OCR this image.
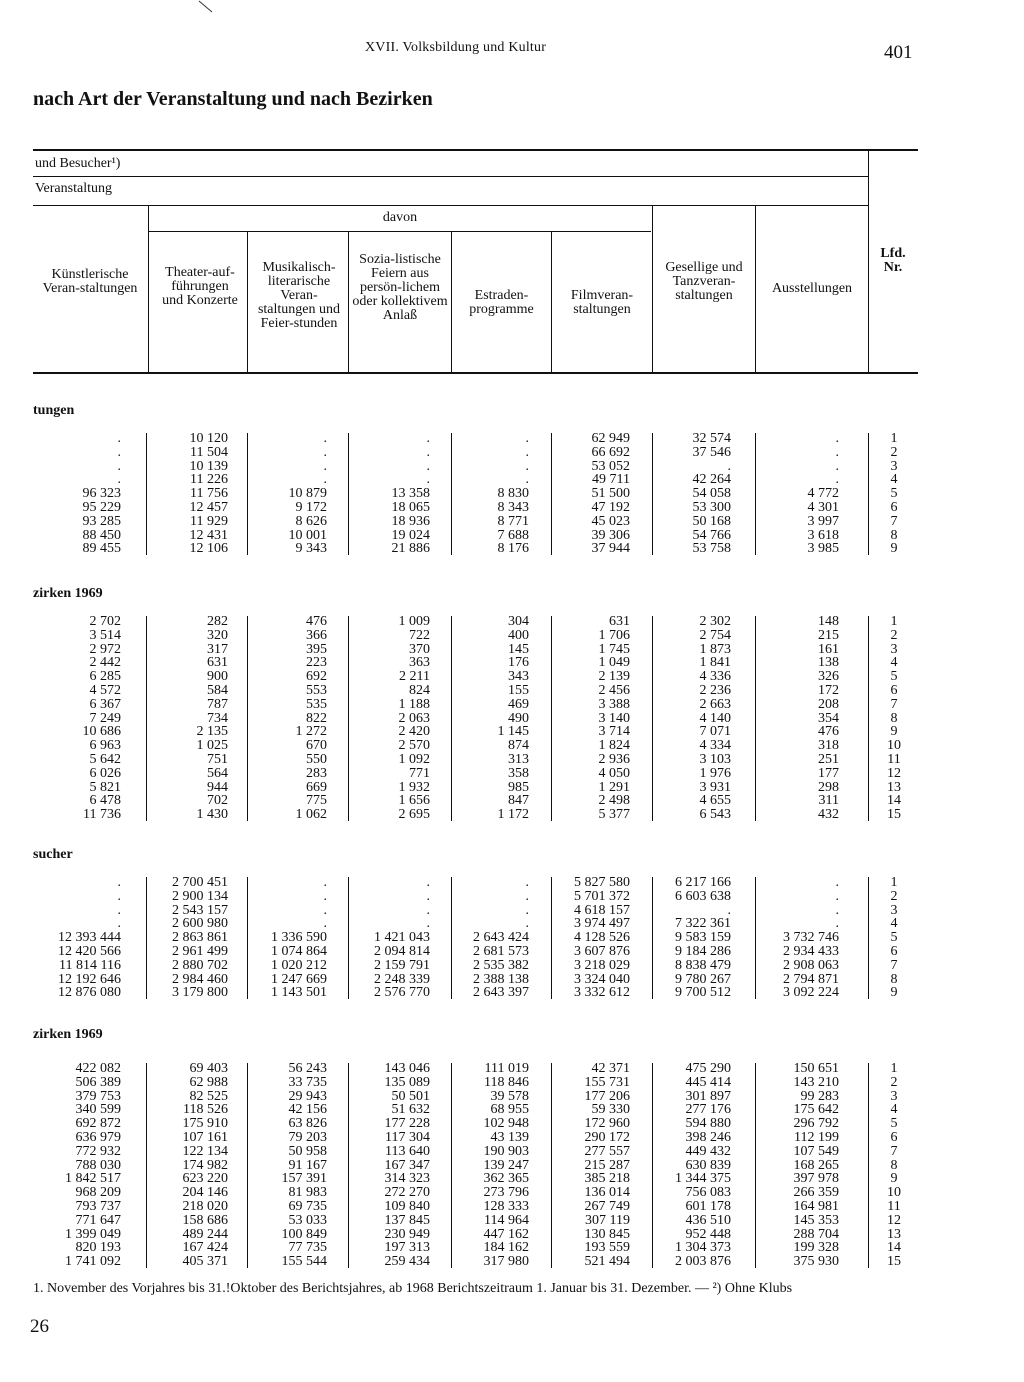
XVII. Volksbildung und Kultur	401
nach Art der Veranstaltung und nach Bezirken
und Besucher¹)
Veranstaltung
davon
Künstlerische Veran-staltungen
Theater-auf-führungen und Konzerte
Musikalisch-literarische Veran-staltungen und Feier-stunden
Sozia-listische Feiern aus persön-lichem oder kollektivem Anlaß
Estraden-programme
Filmveran-staltungen
Gesellige und Tanzveran-staltungen	Ausstellungen
Lfd. Nr.
tungen
.
.
.
.
96 323
95 229
93 285
88 450
89 455
10 120
11 504
10 139
11 226
11 756
12 457
11 929
12 431
12 106
.
.
.
.
10 879
9 172
8 626
10 001
9 343
.
.
.
.
13 358
18 065
18 936
19 024
21 886
.
.
.
.
8 830
8 343
8 771
7 688
8 176
62 949
66 692
53 052
49 711
51 500
47 192
45 023
39 306
37 944
32 574
37 546
.
42 264
54 058
53 300
50 168
54 766
53 758
.
.
.
.
4 772
4 301
3 997
3 618
3 985
1
2
3
4
5
6
7
8
9
zirken 1969
2 702
3 514
2 972
2 442
6 285
4 572
6 367
7 249
10 686
6 963
5 642
6 026
5 821
6 478
11 736
282
320
317
631
900
584
787
734
2 135
1 025
751
564
944
702
1 430
476
366
395
223
692
553
535
822
1 272
670
550
283
669
775
1 062
1 009
722
370
363
2 211
824
1 188
2 063
2 420
2 570
1 092
771
1 932
1 656
2 695
304
400
145
176
343
155
469
490
1 145
874
313
358
985
847
1 172
631
1 706
1 745
1 049
2 139
2 456
3 388
3 140
3 714
1 824
2 936
4 050
1 291
2 498
5 377
2 302
2 754
1 873
1 841
4 336
2 236
2 663
4 140
7 071
4 334
3 103
1 976
3 931
4 655
6 543
148
215
161
138
326
172
208
354
476
318
251
177
298
311
432
1
2
3
4
5
6
7
8
9
10
11
12
13
14
15
sucher
.
.
.
.
12 393 444
12 420 566
11 814 116
12 192 646
12 876 080
2 700 451
2 900 134
2 543 157
2 600 980
2 863 861
2 961 499
2 880 702
2 984 460
3 179 800
.
.
.
.
1 336 590
1 074 864
1 020 212
1 247 669
1 143 501
.
.
.
.
1 421 043
2 094 814
2 159 791
2 248 339
2 576 770
.
.
.
.
2 643 424
2 681 573
2 535 382
2 388 138
2 643 397
5 827 580
5 701 372
4 618 157
3 974 497
4 128 526
3 607 876
3 218 029
3 324 040
3 332 612
6 217 166
6 603 638
.
7 322 361
9 583 159
9 184 286
8 838 479
9 780 267
9 700 512
.
.
.
.
3 732 746
2 934 433
2 908 063
2 794 871
3 092 224
1
2
3
4
5
6
7
8
9
zirken 1969
422 082
506 389
379 753
340 599
692 872
636 979
772 932
788 030
1 842 517
968 209
793 737
771 647
1 399 049
820 193
1 741 092
69 403
62 988
82 525
118 526
175 910
107 161
122 134
174 982
623 220
204 146
218 020
158 686
489 244
167 424
405 371
56 243
33 735
29 943
42 156
63 826
79 203
50 958
91 167
157 391
81 983
69 735
53 033
100 849
77 735
155 544
143 046
135 089
50 501
51 632
177 228
117 304
113 640
167 347
314 323
272 270
109 840
137 845
230 949
197 313
259 434
111 019
118 846
39 578
68 955
102 948
43 139
190 903
139 247
362 365
273 796
128 333
114 964
447 162
184 162
317 980
42 371
155 731
177 206
59 330
172 960
290 172
277 557
215 287
385 218
136 014
267 749
307 119
130 845
193 559
521 494
475 290
445 414
301 897
277 176
594 880
398 246
449 432
630 839
1 344 375
756 083
601 178
436 510
952 448
1 304 373
2 003 876
150 651
143 210
99 283
175 642
296 792
112 199
107 549
168 265
397 978
266 359
164 981
145 353
288 704
199 328
375 930
1
2
3
4
5
6
7
8
9
10
11
12
13
14
15
1. November des Vorjahres bis 31.!Oktober des Berichtsjahres, ab 1968 Berichtszeitraum 1. Januar bis 31. Dezember. — ²) Ohne Klubs
26
